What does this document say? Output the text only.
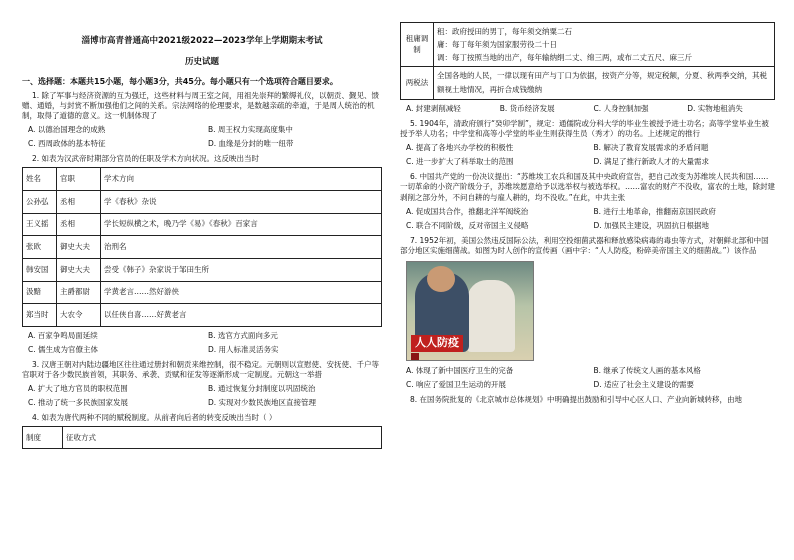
淄博市高青普通高中2021级2022—2023学年上学期期末考试
历史试题
一、选择题：本题共15小题，每小题3分，共45分。每小题只有一个选项符合题目要求。

1. 除了军事与经济资源的互为强迁，这些材料与周王室之间，用祖先崇拜的繁缛礼仪，以朝贡、觐见、馈赠、通婚，与封赏不断加强他们之间的关系。宗法网络的伦理要求，是数越亲疏的牵道，于是周人统治的机制，取得了道德的意义。这一机制体现了

A. 以德治国理念的成熟	B. 周王权力实现高度集中
C. 西周政体的基本特征	D. 血缘是分封的唯一纽带

2. 如表为汉武帝时期部分官员的任职及学术方向状况。这反映出当时

姓名	官职	学术方向
公孙弘	丞相	学《春秋》杂说
王义摇	丞相	学长短纵横之术，晚乃学《易》《春秋》百家言
张欧	御史大夫	治刑名
韩安国	御史大夫	尝受《韩子》杂家说于邹田生所
汲黯	主爵都尉	学黄老言……然好游侠
郑当时	大农令	以任侠自喜……好黄老言
A. 百家争鸣局面延续	B. 选官方式面向多元
C. 儒生成为官僚主体	D. 用人标准灵活务实

3. 汉唐王朝对内陆边疆地区往往通过册封和朝贡来维控制，很不稳定。元朝则以宣慰使、安抚使、千户等官职对于各少数民族首领，其职务、承袭、贡赋和征发等逐渐形成一定制度。元朝这一举措

A. 扩大了地方官员的职权范围	B. 通过恢复分封制度以巩固统治
C. 推动了统一多民族国家发展	D. 实现对少数民族地区直接管理

4. 如表为唐代两种不同的赋税制度。从前者向后者的转变反映出当时（ ）

制度	征收方式
租庸调制	租：政府授田的男丁，每年须交纳粟二石
庸：每丁每年须为国家服劳役二十日
调：每丁按照当地的出产，每年输纳绢二丈、绵三两，或布二丈五尺、麻三斤

两税法	全国各地的人民，一律以现有田产与丁口为依据，按资产分等，规定税额，分夏、秋两季交纳，其税额视土地情况，再折合成钱缴纳
A. 封建剥削减轻	B. 货币经济发展	C. 人身控制加强	D. 实物地租消失

5. 1904年，清政府颁行“癸卯学制”，规定：通儒院或分科大学的毕业生被授予进士功名；高等学堂毕业生被授予举人功名；中学堂和高等小学堂的毕业生则获得生员（秀才）的功名。上述规定的推行

A. 提高了各地兴办学校的积极性	B. 解决了教育发展需求的矛盾问题
C. 进一步扩大了科举取士的范围	D. 满足了推行新政人才的大量需求

6. 中国共产党的一份决议提出：“苏维埃工农兵和国及其中央政府宣告，把自己改变为苏维埃人民共和国……一切革命的小资产阶级分子，苏维埃愿意给予以选举权与被选举权。……富农的财产不没收，富农的土地，除封建剥削之部分外，不问自耕的与雇人耕的，均不没收。”在此，中共主张

A. 促成国共合作，推翻北洋军阀统治	B. 进行土地革命，推翻南京国民政府
C. 联合不同阶级，反对帝国主义侵略	D. 加强民主建设，巩固抗日根据地

7. 1952年初，美国公然违反国际公法，利用空投细菌武器和释放感染病毒的毒虫等方式，对朝鲜北部和中国部分地区实施细菌战。如图为时人创作的宣传画（画中字：“人人防疫，粉碎美帝国主义的细菌战。”）该作品

人人防疫

A. 体现了新中国医疗卫生的完备	B. 继承了传统文人画的基本风格
C. 响应了爱国卫生运动的开展	D. 适应了社会主义建设的需要

8. 在国务院批复的《北京城市总体规划》中明确提出鼓励和引导中心区人口、产业向新城转移，由地
